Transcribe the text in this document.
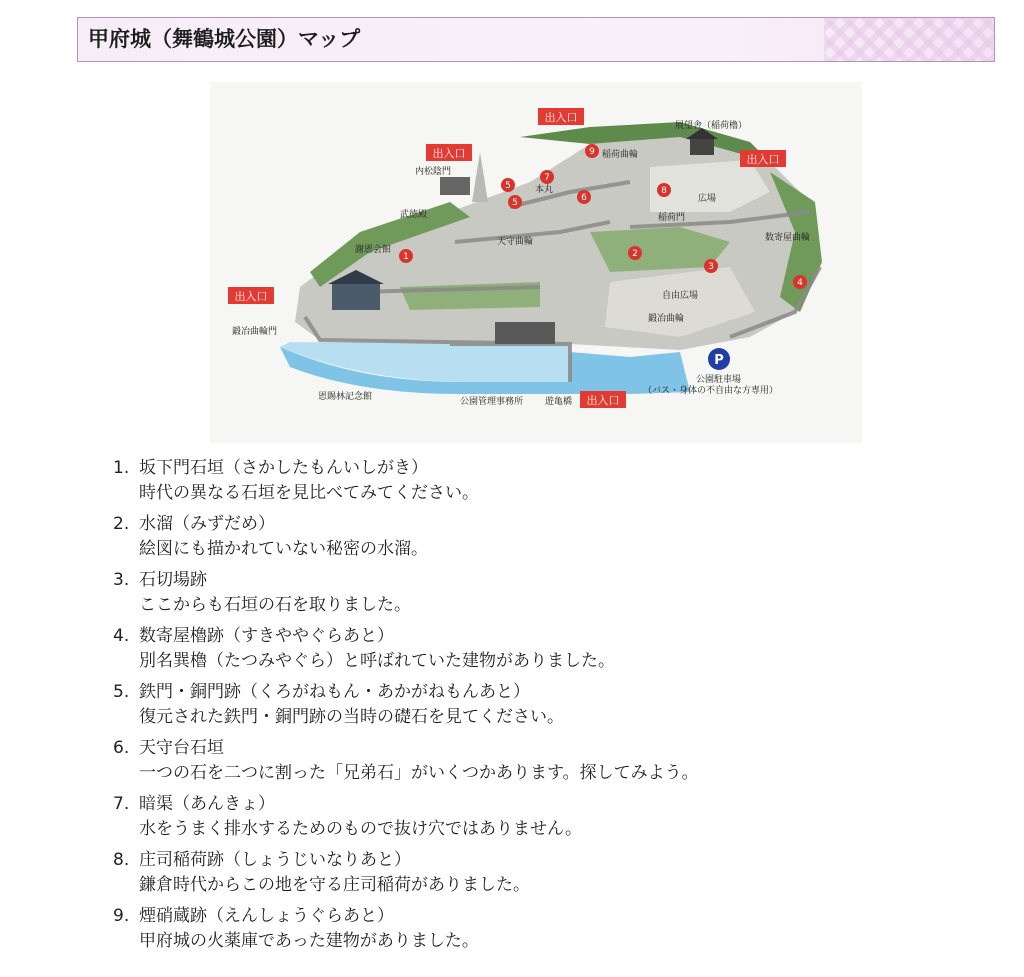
甲府城（舞鶴城公園）マップ
出入口
出入口	出入口
出入口
出入口
1	2
3
4
5
5	6
7
8
9
展望舎（稲荷櫓）
稲荷曲輪
内松陰門
本丸
武徳殿
広場
稲荷門
天守曲輪	数寄屋曲輪
謝恩会館
自由広場
鍛冶曲輪
鍛冶曲輪門
恩賜林記念館	公園管理事務所 遊亀橋
公園駐車場
（バス・身体の不自由な方専用）
P
1. 坂下門石垣（さかしたもんいしがき）
時代の異なる石垣を見比べてみてください。
2. 水溜（みずだめ）
絵図にも描かれていない秘密の水溜。
3. 石切場跡
ここからも石垣の石を取りました。
4. 数寄屋櫓跡（すきややぐらあと）
別名巽櫓（たつみやぐら）と呼ばれていた建物がありました。
5. 鉄門・銅門跡（くろがねもん・あかがねもんあと）
復元された鉄門・銅門跡の当時の礎石を見てください。
6. 天守台石垣
一つの石を二つに割った「兄弟石」がいくつかあります。探してみよう。
7. 暗渠（あんきょ）
水をうまく排水するためのもので抜け穴ではありません。
8. 庄司稲荷跡（しょうじいなりあと）
鎌倉時代からこの地を守る庄司稲荷がありました。
9. 煙硝蔵跡（えんしょうぐらあと）
甲府城の火薬庫であった建物がありました。
